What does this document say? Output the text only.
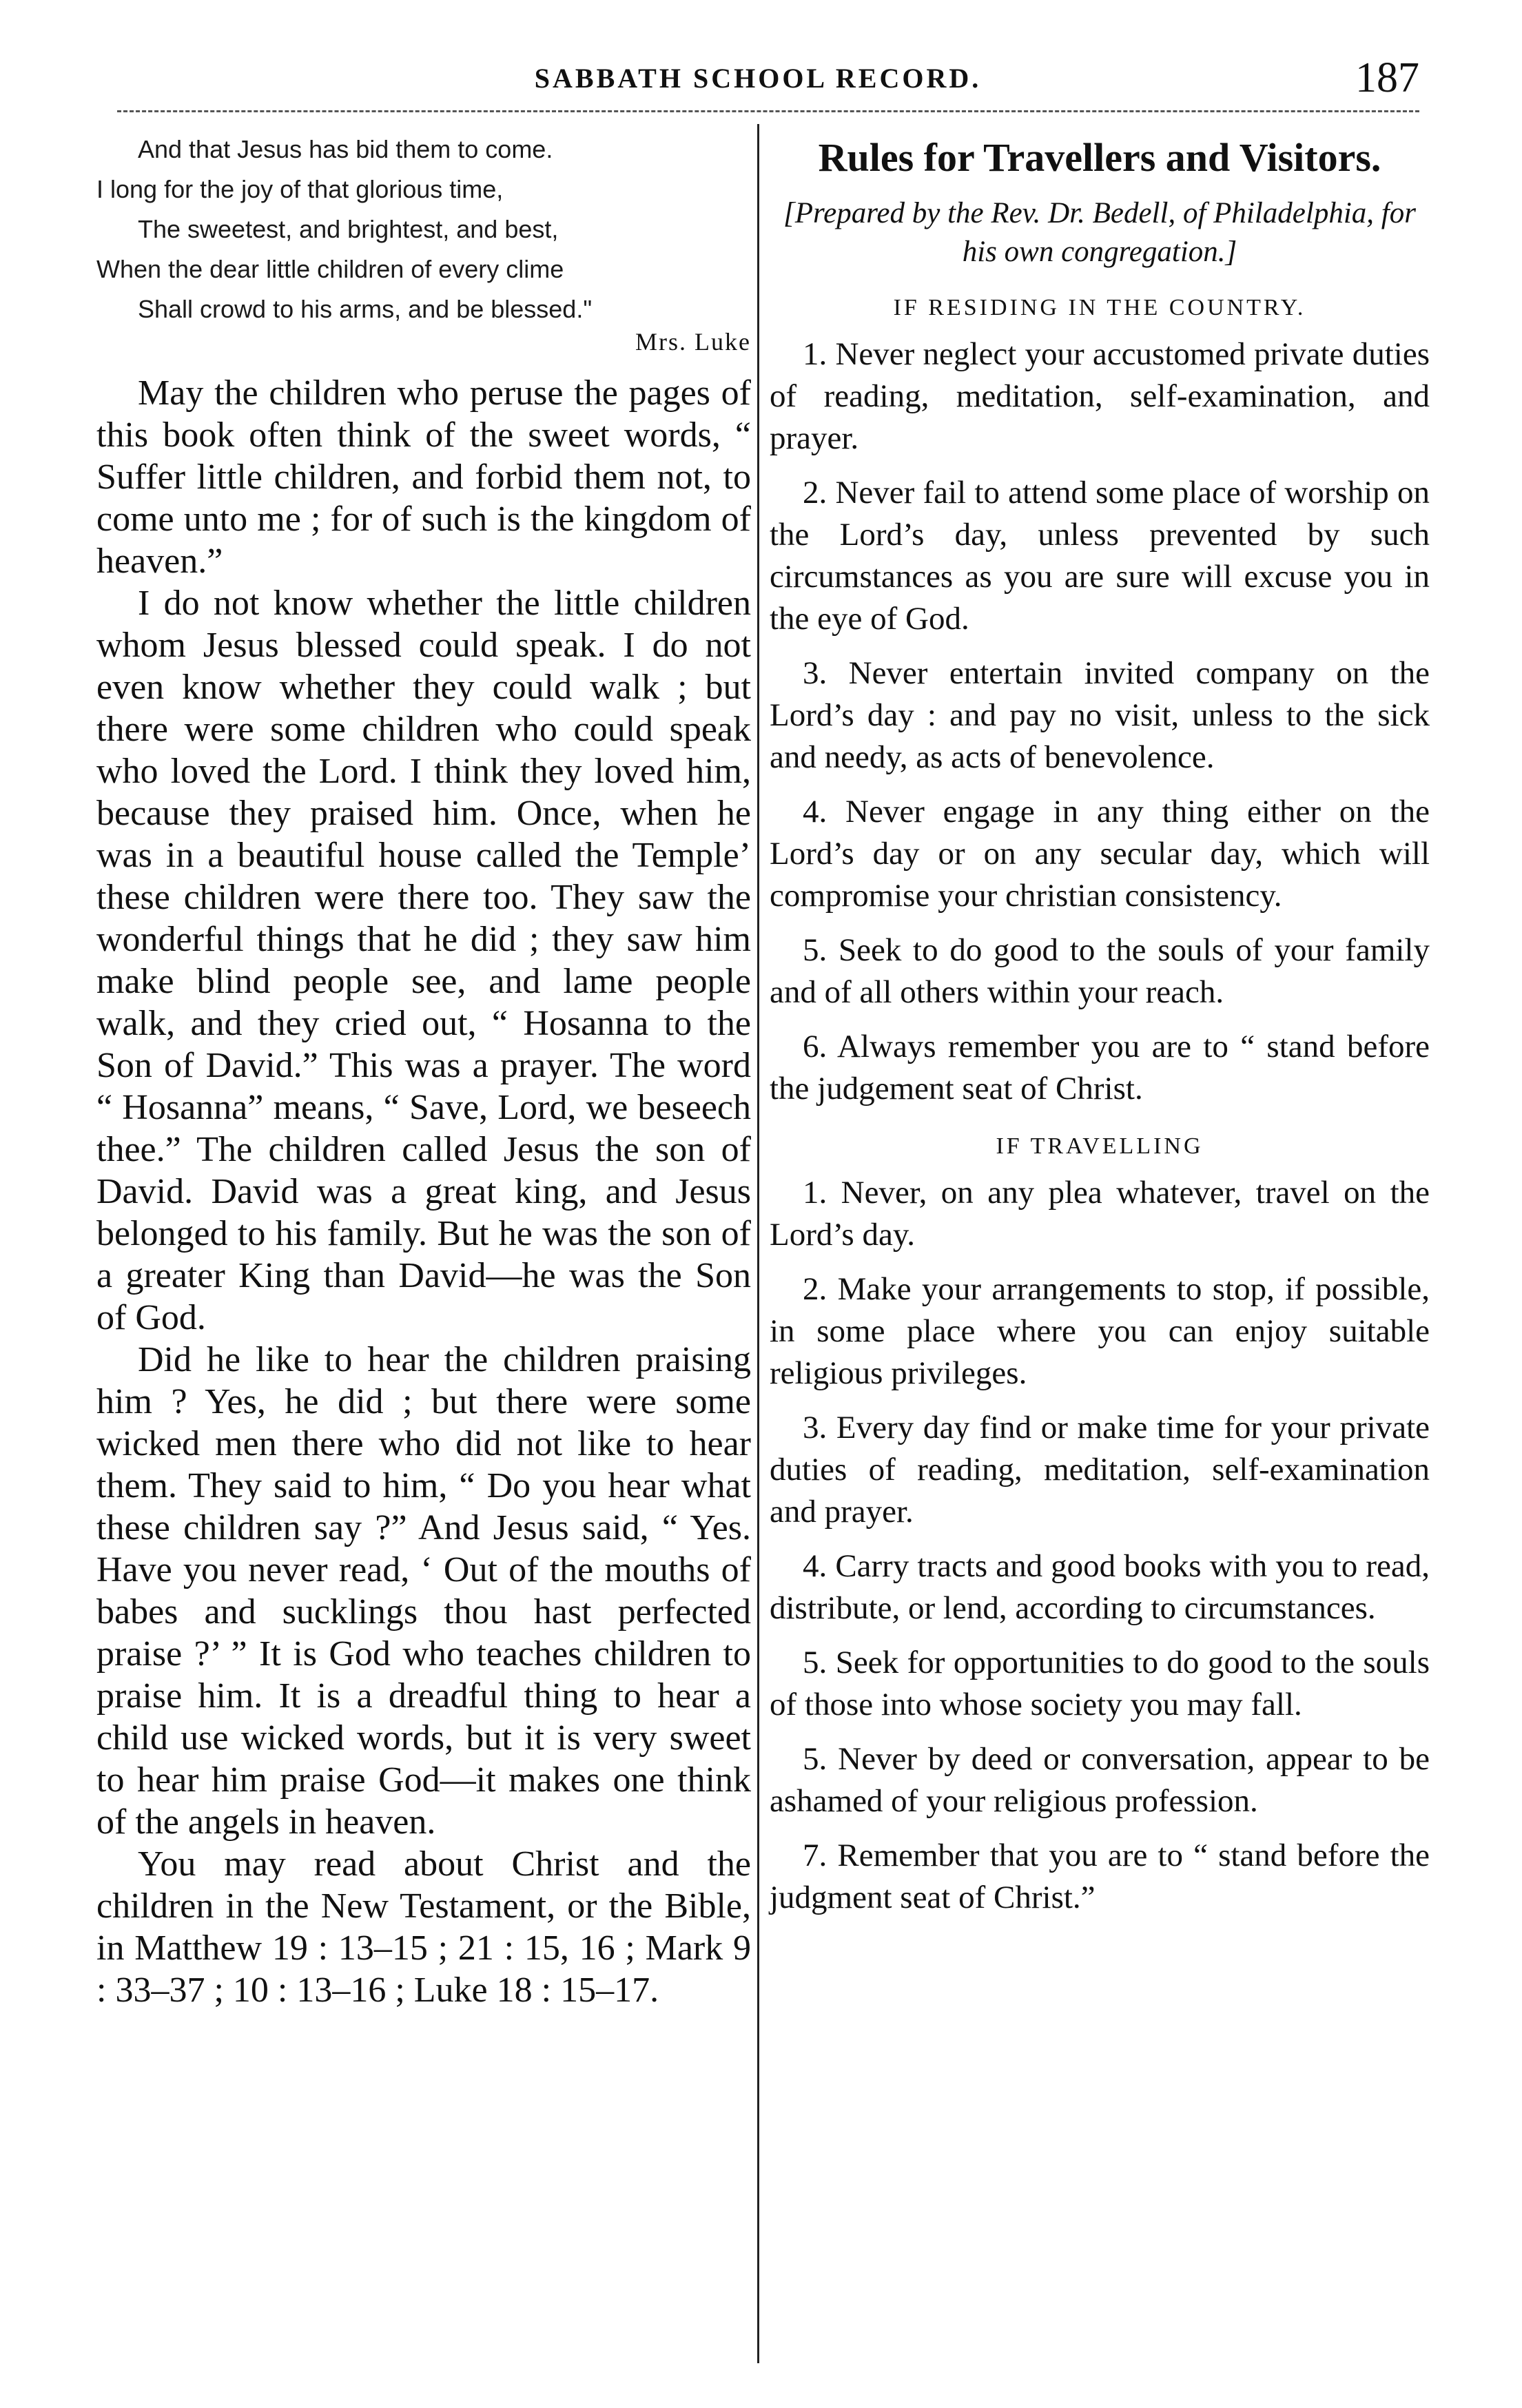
SABBATH SCHOOL RECORD.	187
And that Jesus has bid them to come.
I long for the joy of that glorious time,
The sweetest, and brightest, and best,
When the dear little children of every clime
Shall crowd to his arms, and be blessed."
Mrs. Luke

May the children who peruse the pages of this book often think of the sweet words, “ Suffer little children, and forbid them not, to come unto me ; for of such is the kingdom of heaven.”

I do not know whether the little children whom Jesus blessed could speak. I do not even know whether they could walk ; but there were some children who could speak who loved the Lord. I think they loved him, because they praised him. Once, when he was in a beautiful house called the Temple’ these children were there too. They saw the wonderful things that he did ; they saw him make blind people see, and lame people walk, and they cried out, “ Hosanna to the Son of David.” This was a prayer. The word “ Hosanna” means, “ Save, Lord, we beseech thee.” The children called Jesus the son of David. David was a great king, and Jesus belonged to his family. But he was the son of a greater King than David—he was the Son of God.

Did he like to hear the children praising him ? Yes, he did ; but there were some wicked men there who did not like to hear them. They said to him, “ Do you hear what these children say ?” And Jesus said, “ Yes. Have you never read, ‘ Out of the mouths of babes and sucklings thou hast perfected praise ?’ ” It is God who teaches children to praise him. It is a dreadful thing to hear a child use wicked words, but it is very sweet to hear him praise God—it makes one think of the angels in heaven.

You may read about Christ and the children in the New Testament, or the Bible, in Matthew 19 : 13–15 ; 21 : 15, 16 ; Mark 9 : 33–37 ; 10 : 13–16 ; Luke 18 : 15–17.

Rules for Travellers and Visitors.
[Prepared by the Rev. Dr. Bedell, of Philadelphia, for his own congregation.]
IF RESIDING IN THE COUNTRY.

1. Never neglect your accustomed private duties of reading, meditation, self-examination, and prayer.

2. Never fail to attend some place of worship on the Lord’s day, unless prevented by such circumstances as you are sure will excuse you in the eye of God.

3. Never entertain invited company on the Lord’s day : and pay no visit, unless to the sick and needy, as acts of benevolence.

4. Never engage in any thing either on the Lord’s day or on any secular day, which will compromise your christian consistency.

5. Seek to do good to the souls of your family and of all others within your reach.

6. Always remember you are to “ stand before the judgement seat of Christ.

IF TRAVELLING

1. Never, on any plea whatever, travel on the Lord’s day.

2. Make your arrangements to stop, if possible, in some place where you can enjoy suitable religious privileges.

3. Every day find or make time for your private duties of reading, meditation, self-examination and prayer.

4. Carry tracts and good books with you to read, distribute, or lend, according to circumstances.

5. Seek for opportunities to do good to the souls of those into whose society you may fall.

5. Never by deed or conversation, appear to be ashamed of your religious profession.

7. Remember that you are to “ stand before the judgment seat of Christ.”
